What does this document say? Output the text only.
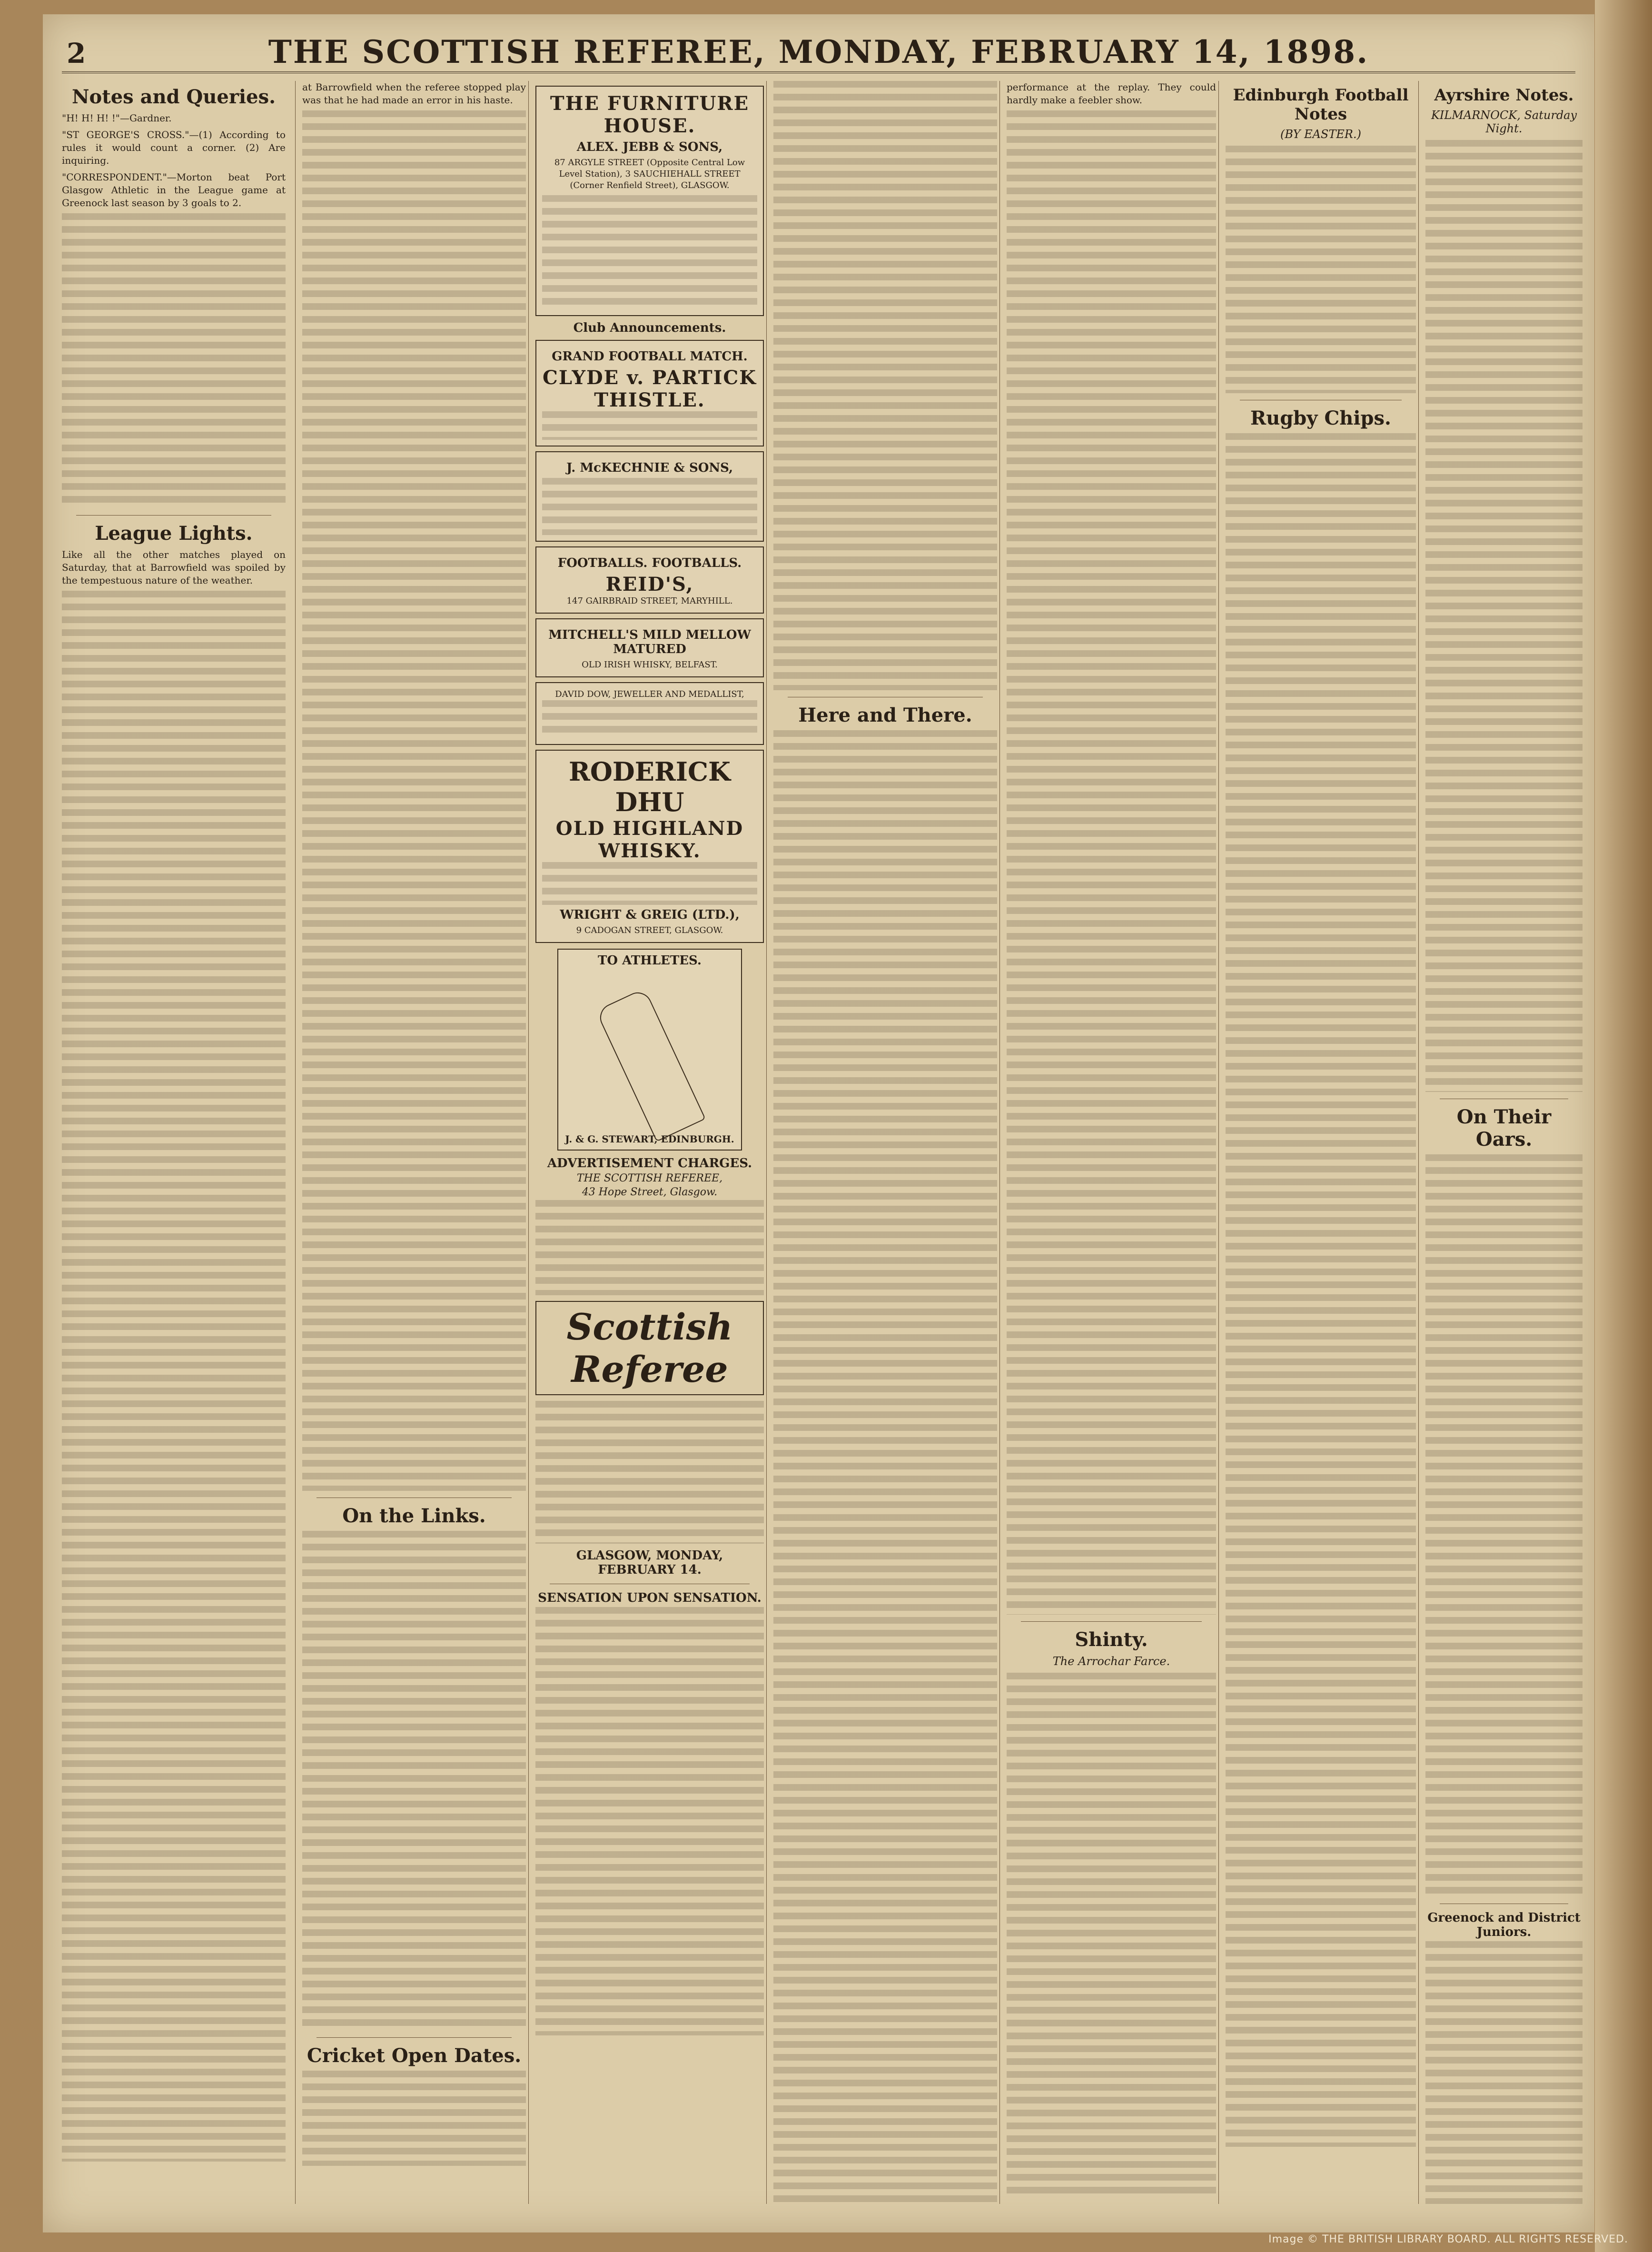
2	THE SCOTTISH REFEREE, MONDAY, FEBRUARY 14, 1898.
Notes and Queries.

"H! H! H! !"—Gardner.

"ST GEORGE'S CROSS."—(1) According to rules it would count a corner. (2) Are inquiring.

"CORRESPONDENT."—Morton beat Port Glasgow Athletic in the League game at Greenock last season by 3 goals to 2.

League Lights.

Like all the other matches played on Saturday, that at Barrowfield was spoiled by the tempestuous nature of the weather.

at Barrowfield when the referee stopped play was that he had made an error in his haste.

On the Links.
Cricket Open Dates.
THE FURNITURE HOUSE.
ALEX. JEBB & SONS,
87 ARGYLE STREET (Opposite Central Low Level Station), 3 SAUCHIEHALL STREET (Corner Renfield Street), GLASGOW.
Club Announcements.
GRAND FOOTBALL MATCH.
CLYDE v. PARTICK THISTLE.
J. McKECHNIE & SONS,
FOOTBALLS. FOOTBALLS.
REID'S,
147 GAIRBRAID STREET, MARYHILL.
MITCHELL'S MILD MELLOW MATURED
OLD IRISH WHISKY, BELFAST.
DAVID DOW, JEWELLER AND MEDALLIST,
RODERICK DHU
OLD HIGHLAND WHISKY.
WRIGHT & GREIG (LTD.),
9 CADOGAN STREET, GLASGOW.
TO ATHLETES.
J. & G. STEWART, EDINBURGH.
ADVERTISEMENT CHARGES.
THE SCOTTISH REFEREE,
43 Hope Street, Glasgow.
Scottish Referee
GLASGOW, MONDAY, FEBRUARY 14.
SENSATION UPON SENSATION.
Here and There.

performance at the replay. They could hardly make a feebler show.

Shinty.
The Arrochar Farce.
Edinburgh Football Notes
(BY EASTER.)
Rugby Chips.
Ayrshire Notes.
KILMARNOCK, Saturday Night.
On Their Oars.
Greenock and District Juniors.
Image © THE BRITISH LIBRARY BOARD. ALL RIGHTS RESERVED.
